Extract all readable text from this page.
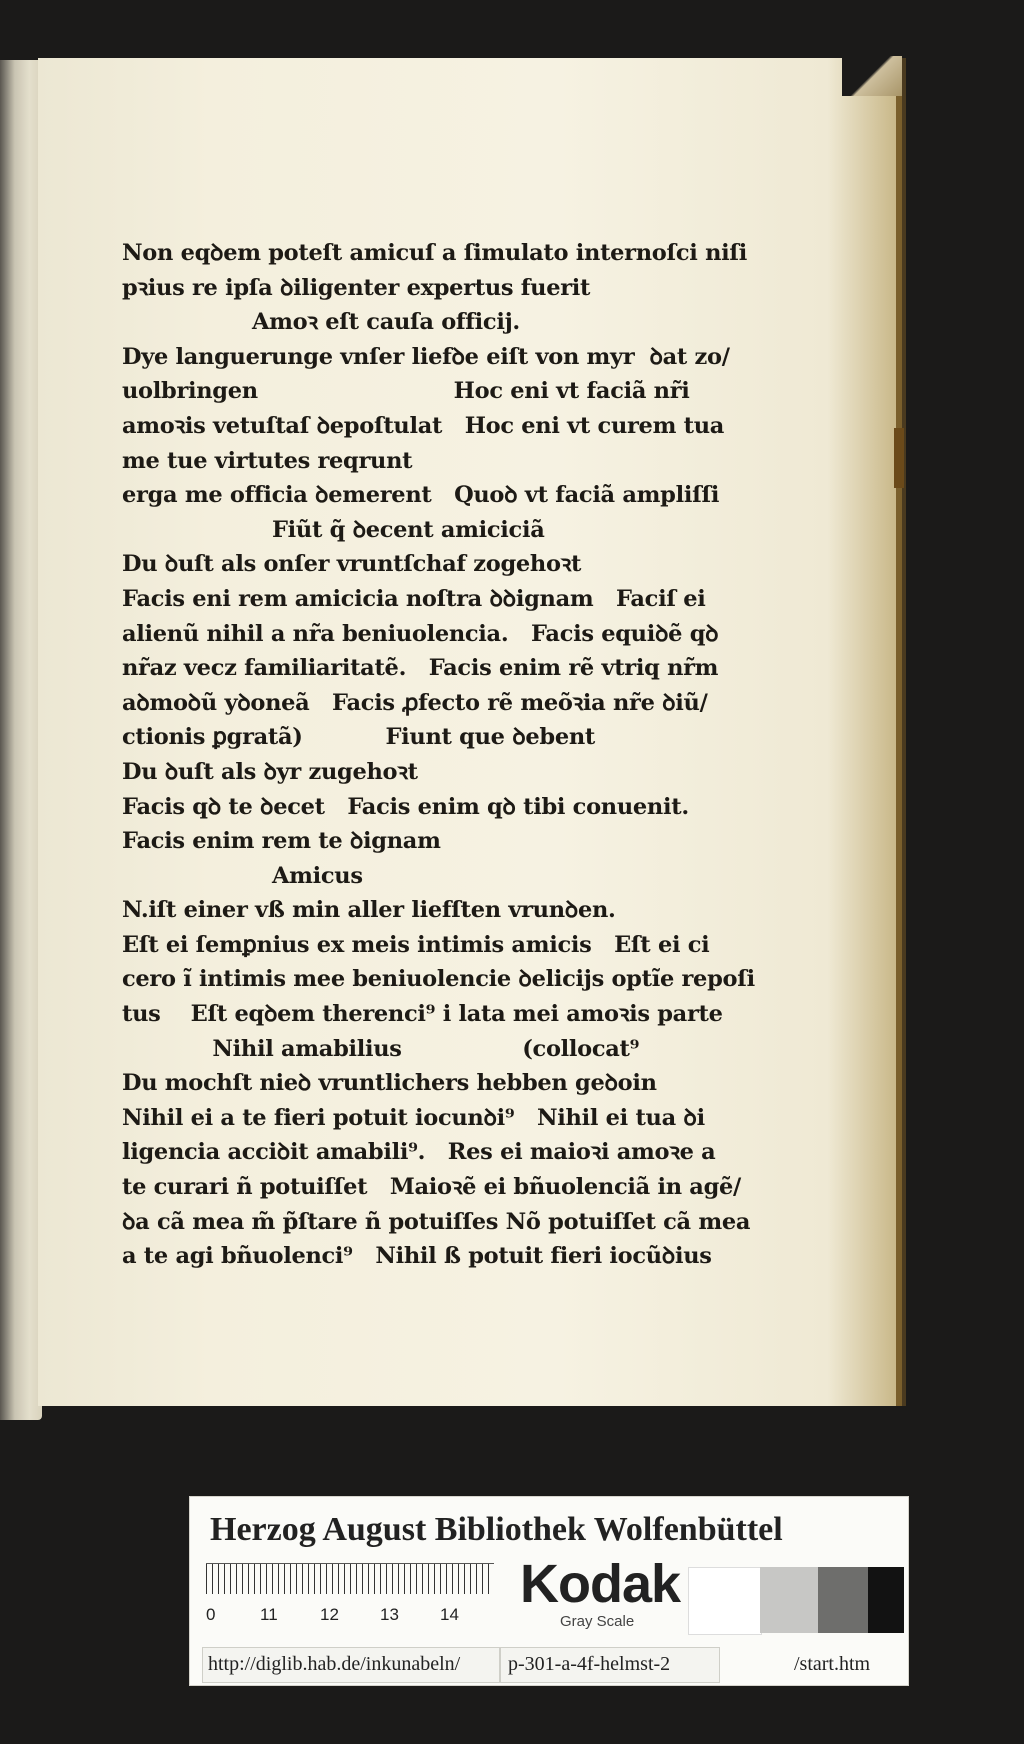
Non eqꝺem poteſt amicuſ a ſimulato internoſci niſi
pꝛius re ipſa ꝺiligenter expertus fuerit
Amoꝛ eſt cauſa officij.
Dye languerunge vnſer liefꝺe eiſt von myr  ꝺat zo/
uolbringen                          Hoc eni vt faciã nr̃i
amoꝛis vetuſtaſ ꝺepoſtulat   Hoc eni vt curem tua
me tue virtutes reqrunt
erga me officia ꝺemerent   Quoꝺ vt faciã ampliſſi
Fiũt q̃ ꝺecent amiciciã
Du ꝺuſt als onſer vruntſchaf zogehoꝛt
Facis eni rem amicicia noſtra ꝺꝺignam   Faciſ ei
alienũ nihil a nr̃a beniuolencia.   Facis equiꝺẽ qꝺ
nr̃az vecz familiaritatẽ.   Facis enim rẽ vtriq̧ nr̃m
aꝺmoꝺũ yꝺoneã   Facis ꝓfecto rẽ meõꝛia nr̃e ꝺiũ/
ctionis ꝑgratã)           Fiunt que ꝺebent
Du ꝺuſt als ꝺyr zugehoꝛt
Facis qꝺ te ꝺecet   Facis enim qꝺ tibi conuenit.
Facis enim rem te ꝺignam
Amicus
N.iſt einer vß min aller liefſten vrunꝺen.
Eſt ei ſemꝑnius ex meis intimis amicis   Eſt ei ci
cero ĩ intimis mee beniuolencie ꝺelicijs optĩe repoſi
tus    Eſt eqꝺem therenci⁹ i lata mei amoꝛis parte
Nihil amabilius                (collocat⁹
Du mochſt nieꝺ vruntlichers hebben geꝺoin
Nihil ei a te fieri potuit iocunꝺi⁹   Nihil ei tua ꝺi
ligencia acciꝺit amabili⁹.   Res ei maioꝛi amoꝛe a
te curari ñ potuiſſet   Maioꝛẽ ei bñuolenciã in agẽ/
ꝺa cã mea m̃ p̃ſtare ñ potuiſſes Nõ potuiſſet cã mea
a te agi bñuolenci⁹   Nihil ß potuit fieri iocũꝺius
Herzog August Bibliothek Wolfenbüttel
0	11 12 13 14
Kodak
Gray Scale
http://diglib.hab.de/inkunabeln/ p-301-a-4f-helmst-2	/start.htm
